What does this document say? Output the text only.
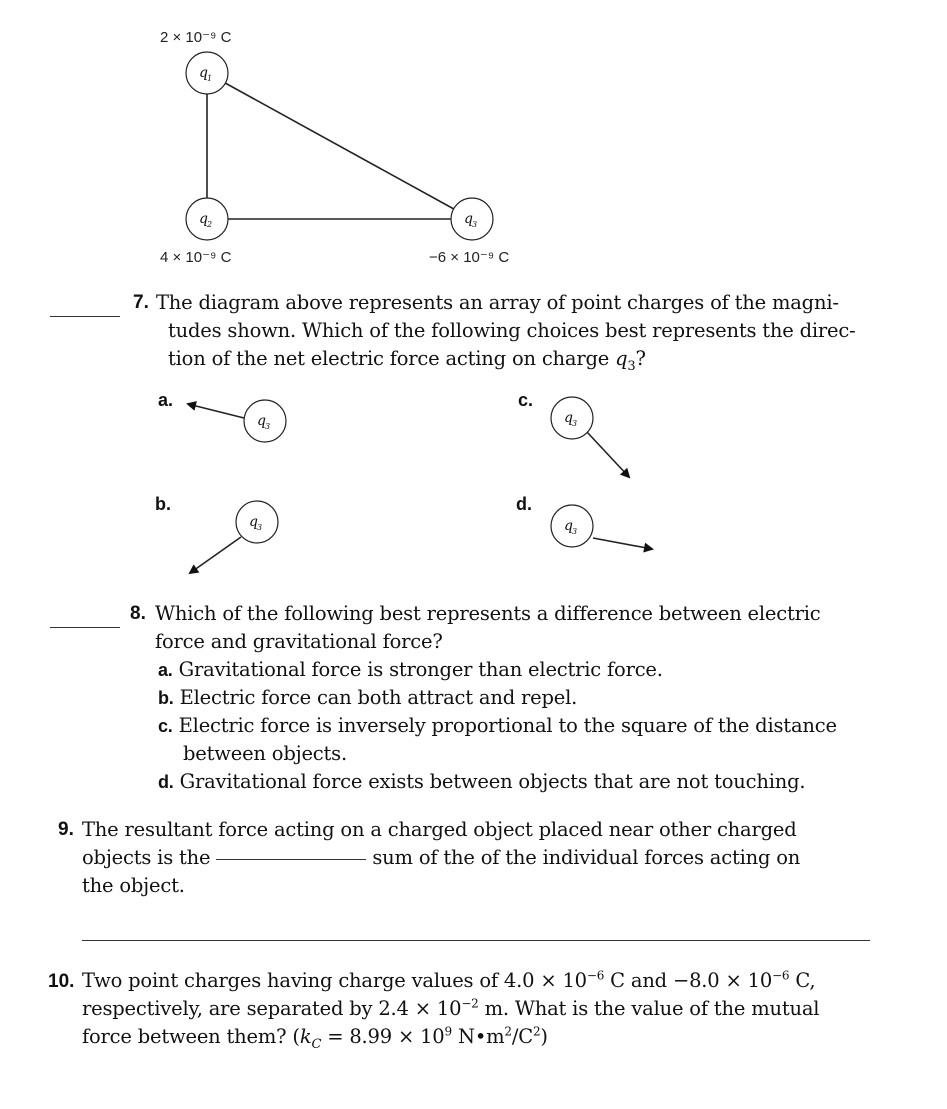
q 1
q 2	q 3
2 × 10⁻⁹ C
4 × 10⁻⁹ C	−6 × 10⁻⁹ C
q 3
q 3
q 3
q 3
7. The diagram above represents an array of point charges of the magni-
tudes shown. Which of the following choices best represents the direc-
tion of the net electric force acting on charge $q_3$?
a.	c.
b.	d.
8. Which of the following best represents a difference between electric
force and gravitational force?
a. Gravitational force is stronger than electric force.
b. Electric force can both attract and repel.
c. Electric force is inversely proportional to the square of the distance
between objects.
d. Gravitational force exists between objects that are not touching.
9. The resultant force acting on a charged object placed near other charged
objects is the	sum of the of the individual forces acting on
the object.
10. Two point charges having charge values of $4.0 \times 10^{-6}$ C and $-8.0 \times 10^{-6}$ C,
respectively, are separated by $2.4 \times 10^{-2}$ m. What is the value of the mutual
force between them? ($k_C = 8.99 \times 10^9$ $N•m^2/C^2$)
